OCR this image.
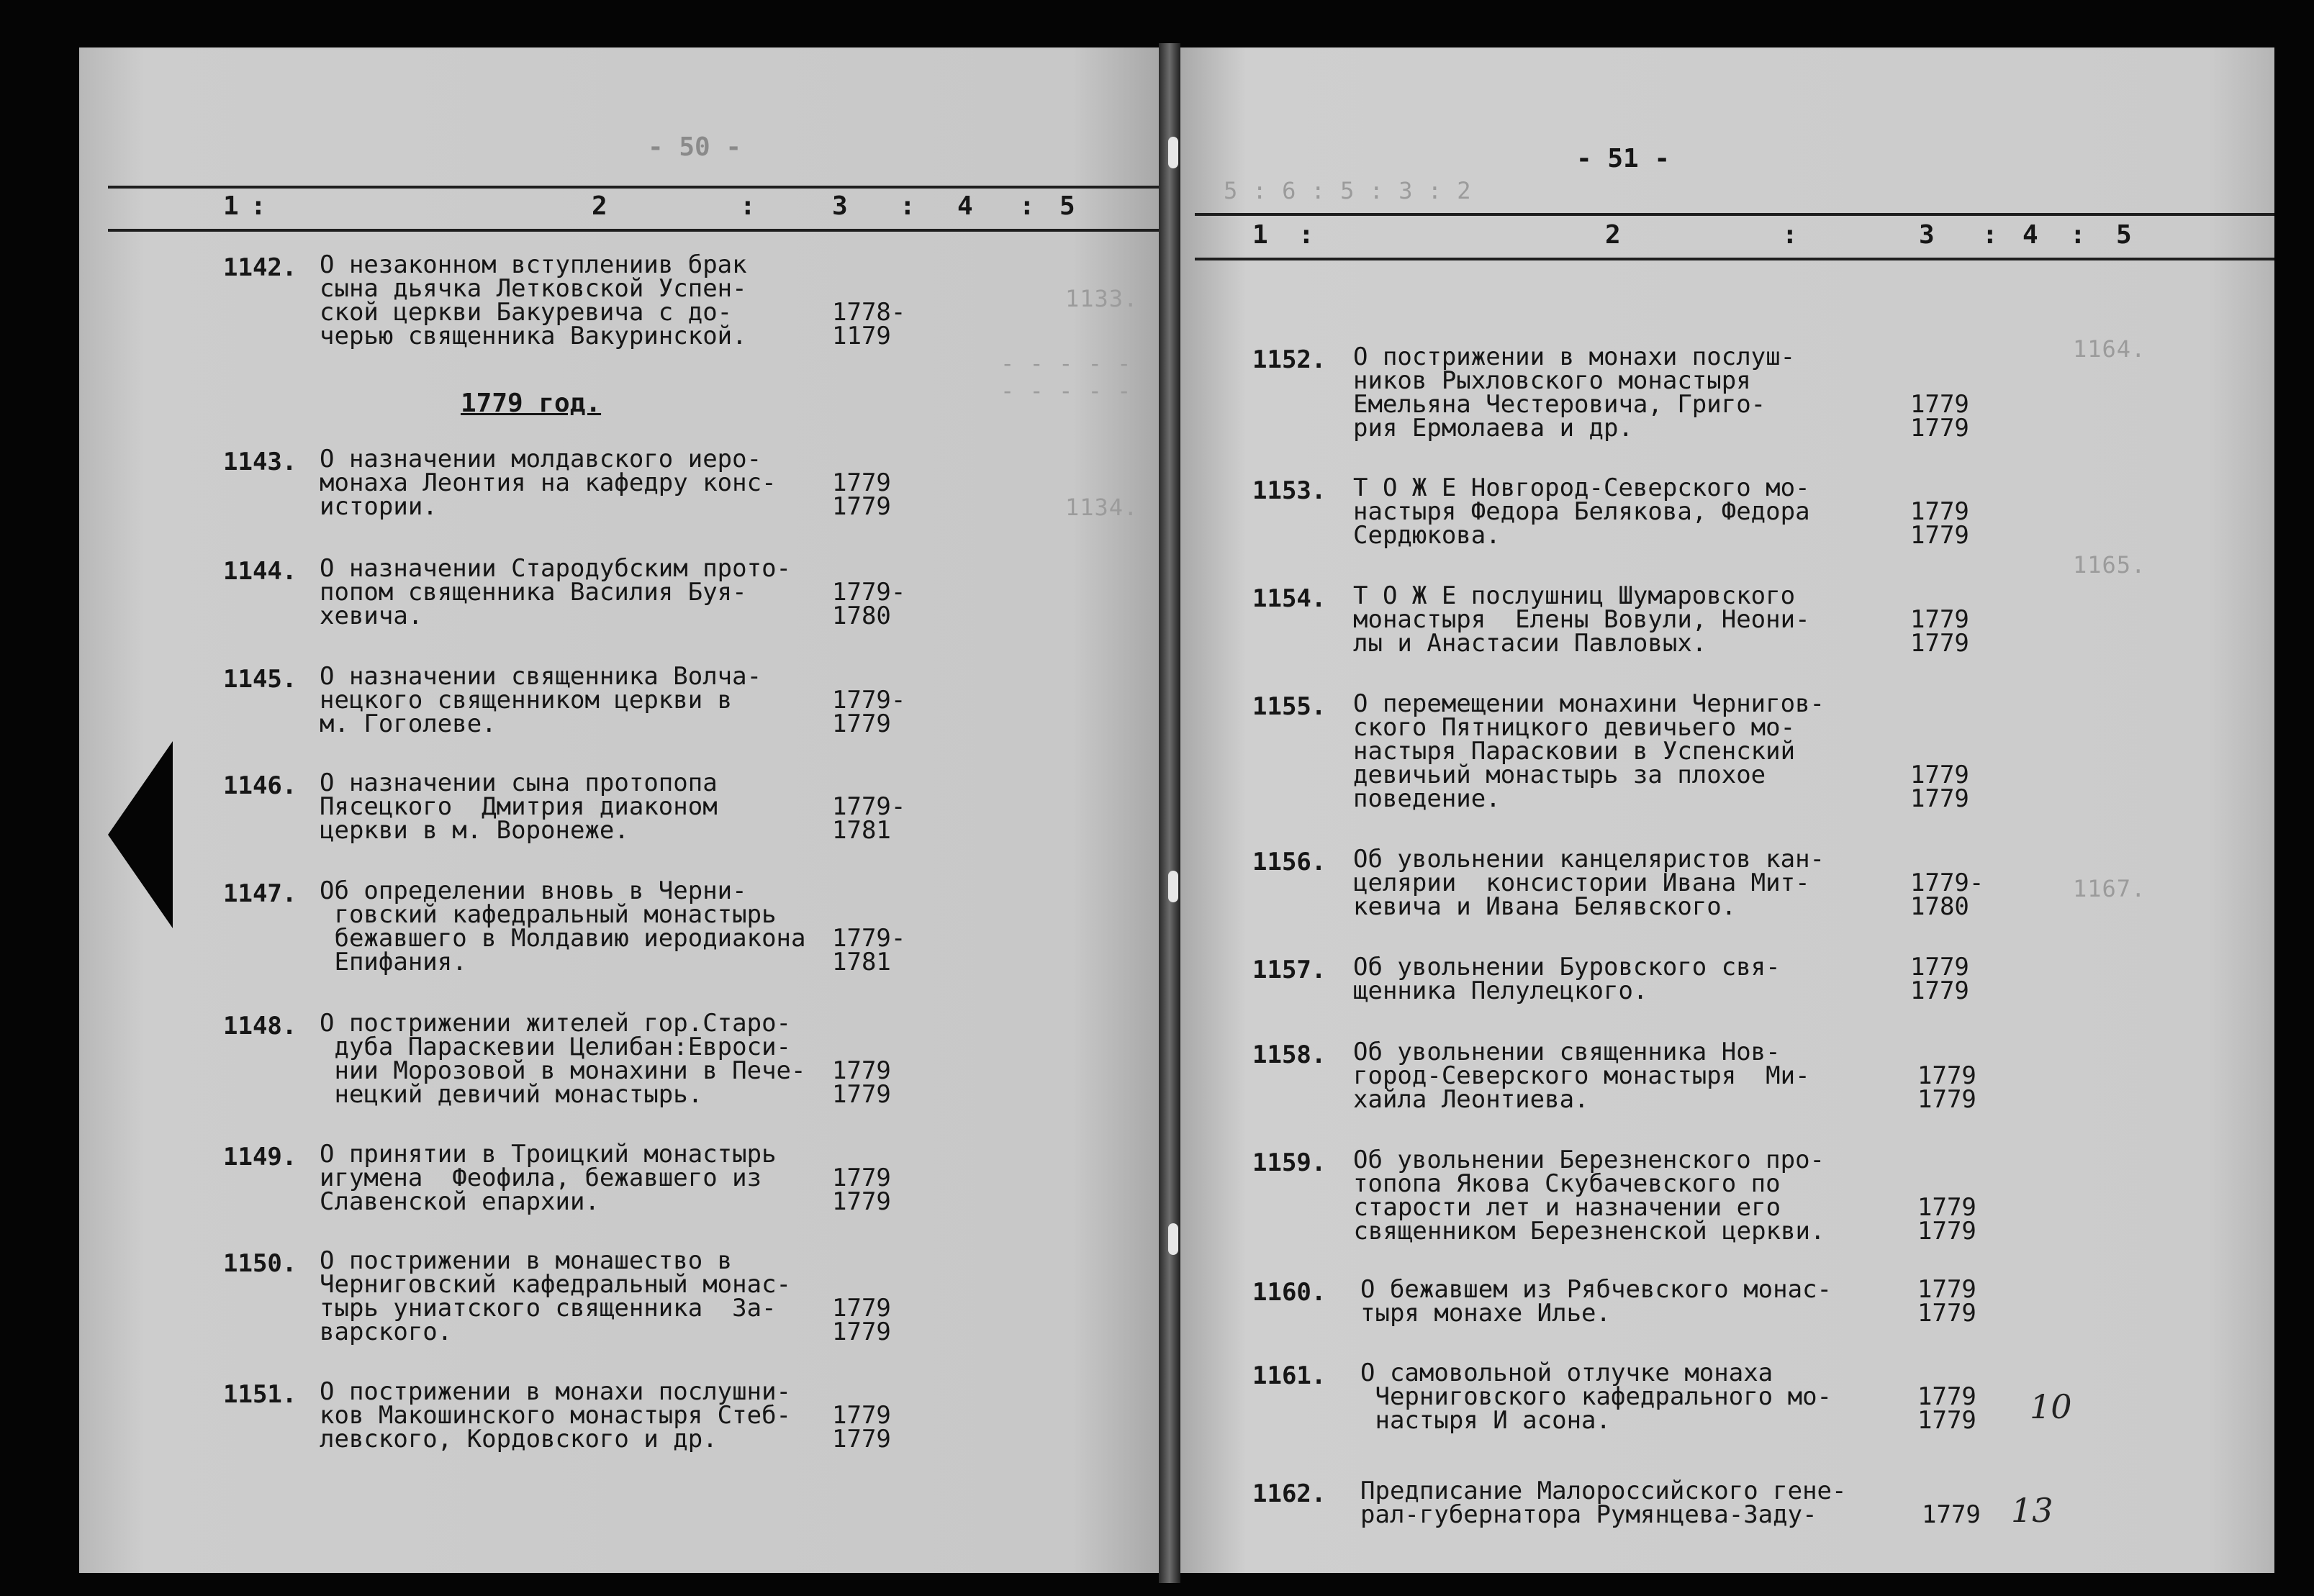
1133.
1134.
- - - - - - - - - -
- 50 -
1 :	2	:	3 : 4 : 5
1142. О незаконном вступлениив брак
сына дьячка Летковской Успен-
ской церкви Бакуревича с до-
черью священника Вакуринской.
1778-
1179
1779 год.
1143. О назначении молдавского иеро-
монаха Леонтия на кафедру конс-
истории.
1779
1779
1144. О назначении Стародубским прото-
попом священника Василия Буя-
хевича.
1779-
1780
1145. О назначении священника Волча-
нецкого священником церкви в
м. Гоголеве.
1779-
1779
1146. О назначении сына протопопа
Пясецкого  Дмитрия диаконом
церкви в м. Воронеже.
1779-
1781
1147. Об определении вновь в Черни-
говский кафедральный монастырь
бежавшего в Молдавию иеродиакона
Епифания.
1779-
1781
1148. О пострижении жителей гор.Старо-
дуба Параскевии Целибан:Евроси-
нии Морозовой в монахини в Пече-
нецкий девичий монастырь.
1779
1779
1149. О принятии в Троицкий монастырь
игумена  Феофила, бежавшего из
Славенской епархии.
1779
1779
1150. О пострижении в монашество в
Черниговский кафедральный монас-
тырь униатского священника  За-
варского.
1779
1779
1151. О пострижении в монахи послушни-
ков Макошинского монастыря Стеб-
левского, Кордовского и др.
1779
1779
5 : 6 : 5 : 3 : 2
1164.
1165.
1167.
- 51 -
1 :	2	:	3 : 4 : 5
1152. О пострижении в монахи послуш-
ников Рыхловского монастыря
Емельяна Честеровича, Григо-
рия Ермолаева и др.
1779
1779
1153. Т О Ж Е Новгород-Северского мо-
настыря Федора Белякова, Федора
Сердюкова.
1779
1779
1154. Т О Ж Е послушниц Шумаровского
монастыря  Елены Вовули, Неони-
лы и Анастасии Павловых.
1779
1779
1155. О перемещении монахини Чернигов-
ского Пятницкого девичьего мо-
настыря Парасковии в Успенский
девичьий монастырь за плохое
поведение.
1779
1779
1156. Об увольнении канцеляристов кан-
целярии  консистории Ивана Мит-
кевича и Ивана Белявского.
1779-
1780
1157. Об увольнении Буровского свя-
щенника Пелулецкого.
1779
1779
1158. Об увольнении священника Нов-
город-Северского монастыря  Ми-
хайла Леонтиева.
1779
1779
1159. Об увольнении Березненского про-
топопа Якова Скубачевского по
старости лет и назначении его
священником Березненской церкви.
1779
1779
1160. О бежавшем из Рябчевского монас-
тыря монахе Илье.
1779
1779
1161. О самовольной отлучке монаха
Черниговского кафедрального мо-
настыря И асона.
1779
1779 10
1162. Предписание Малороссийского гене-
рал-губернатора Румянцева-Заду-	1779 13
